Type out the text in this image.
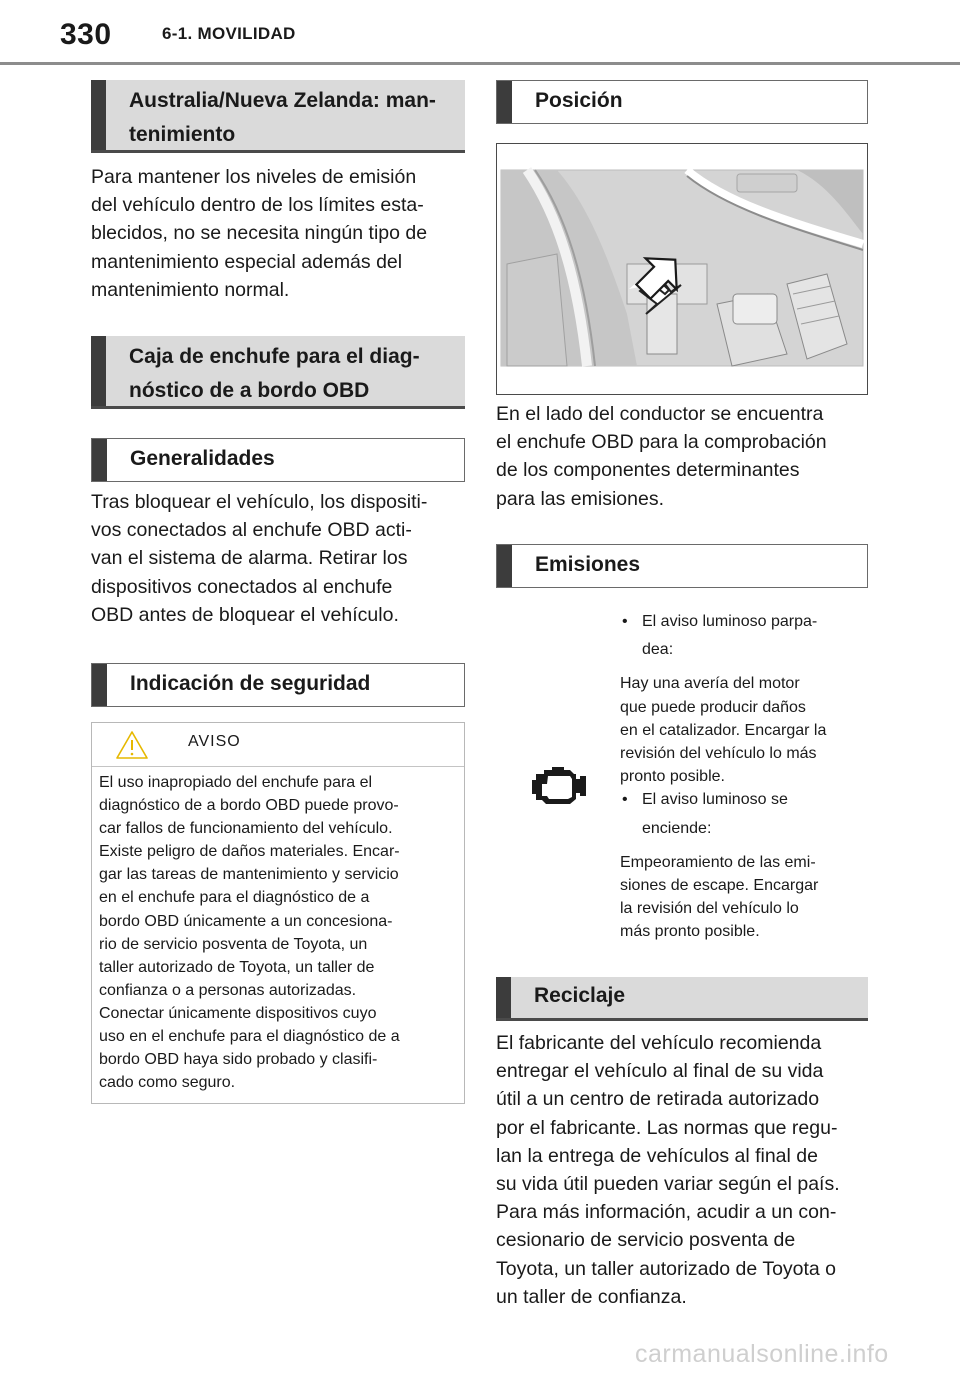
330	6-1. MOVILIDAD
Australia/Nueva Zelanda: man-
tenimiento
Para mantener los niveles de emisión
del vehículo dentro de los límites esta-
blecidos, no se necesita ningún tipo de
mantenimiento especial además del
mantenimiento normal.
Caja de enchufe para el diag-
nóstico de a bordo OBD
Generalidades
Tras bloquear el vehículo, los dispositi-
vos conectados al enchufe OBD acti-
van el sistema de alarma. Retirar los
dispositivos conectados al enchufe
OBD antes de bloquear el vehículo.
Indicación de seguridad
AVISO
El uso inapropiado del enchufe para el
diagnóstico de a bordo OBD puede provo-
car fallos de funcionamiento del vehículo.
Existe peligro de daños materiales. Encar-
gar las tareas de mantenimiento y servicio
en el enchufe para el diagnóstico de a
bordo OBD únicamente a un concesiona-
rio de servicio posventa de Toyota, un
taller autorizado de Toyota, un taller de
confianza o a personas autorizadas.
Conectar únicamente dispositivos cuyo
uso en el enchufe para el diagnóstico de a
bordo OBD haya sido probado y clasifi-
cado como seguro.
Posición
En el lado del conductor se encuentra
el enchufe OBD para la comprobación
de los componentes determinantes
para las emisiones.
Emisiones
• El aviso luminoso parpa-
dea:
Hay una avería del motor
que puede producir daños
en el catalizador. Encargar la
revisión del vehículo lo más
pronto posible.
• El aviso luminoso se
enciende:
Empeoramiento de las emi-
siones de escape. Encargar
la revisión del vehículo lo
más pronto posible.
Reciclaje
El fabricante del vehículo recomienda
entregar el vehículo al final de su vida
útil a un centro de retirada autorizado
por el fabricante. Las normas que regu-
lan la entrega de vehículos al final de
su vida útil pueden variar según el país.
Para más información, acudir a un con-
cesionario de servicio posventa de
Toyota, un taller autorizado de Toyota o
un taller de confianza.
carmanualsonline.info
